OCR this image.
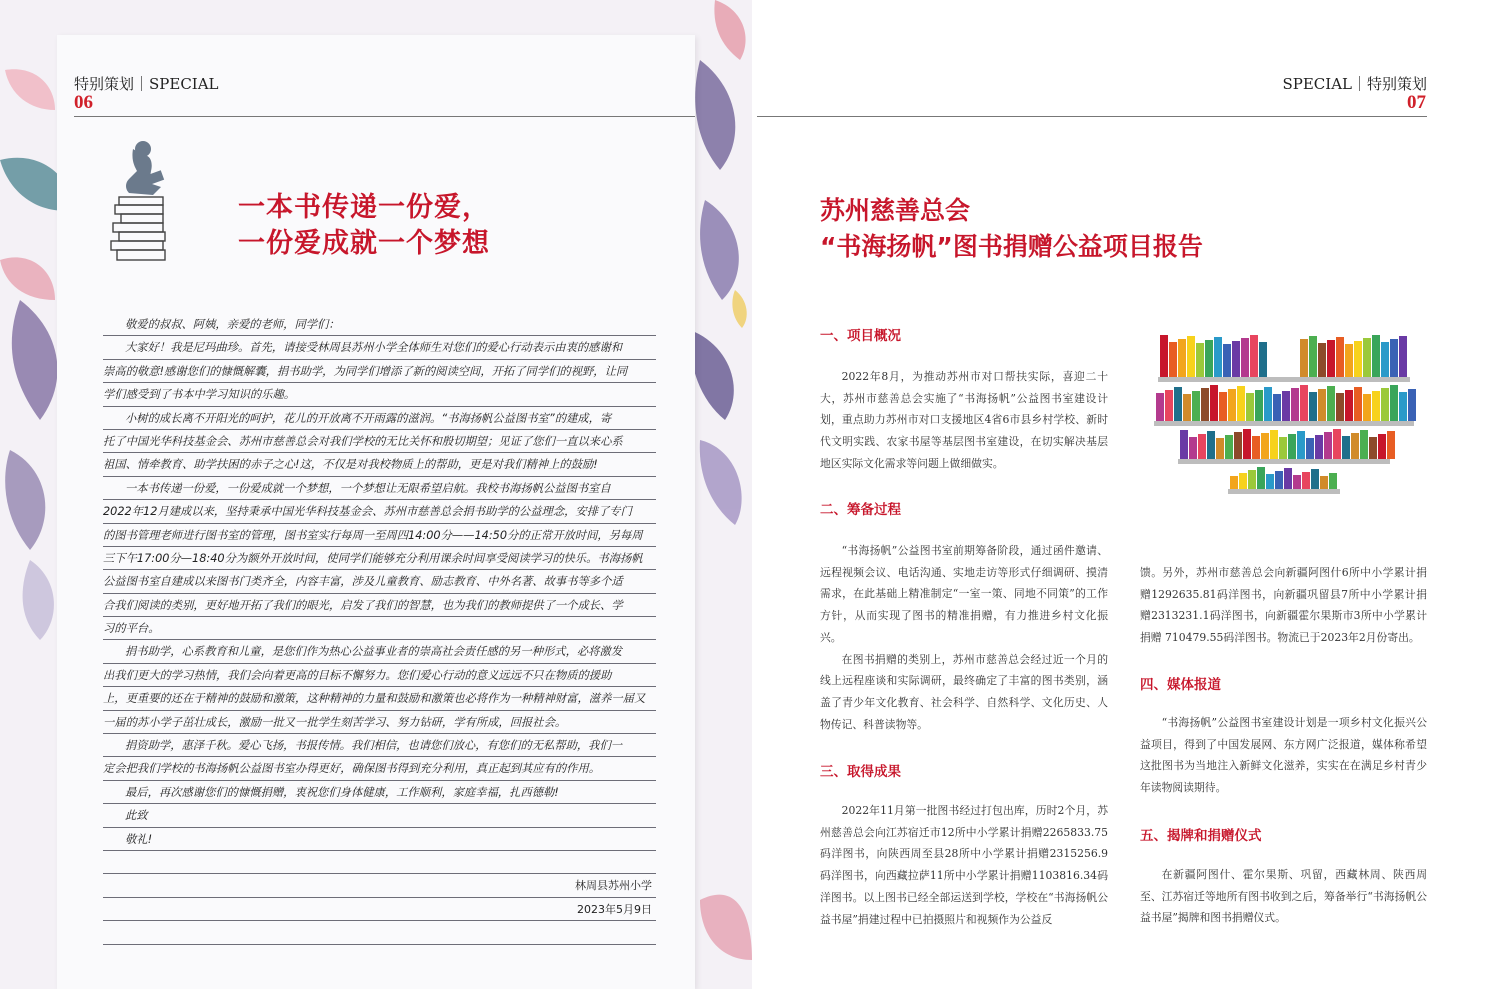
特别策划｜SPECIAL
06
SPECIAL｜特别策划
07
一本书传递一份爱，
一份爱成就一个梦想
敬爱的叔叔、阿姨，亲爱的老师，同学们：
大家好！我是尼玛曲珍。首先，请接受林周县苏州小学全体师生对您们的爱心行动表示由衷的感谢和
崇高的敬意!感谢您们的慷慨解囊，捐书助学，为同学们增添了新的阅读空间，开拓了同学们的视野，让同
学们感受到了书本中学习知识的乐趣。
小树的成长离不开阳光的呵护，花儿的开放离不开雨露的滋润。“书海扬帆公益图书室”的建成，寄
托了中国光华科技基金会、苏州市慈善总会对我们学校的无比关怀和殷切期望；见证了您们一直以来心系
祖国、情牵教育、助学扶困的赤子之心!这，不仅是对我校物质上的帮助，更是对我们精神上的鼓励!
一本书传递一份爱，一份爱成就一个梦想，一个梦想让无限希望启航。我校书海扬帆公益图书室自
2022年12月建成以来，坚持秉承中国光华科技基金会、苏州市慈善总会捐书助学的公益理念，安排了专门
的图书管理老师进行图书室的管理，图书室实行每周一至周四14:00分——14:50分的正常开放时间，另每周
三下午17:00分—18:40分为额外开放时间，使同学们能够充分利用课余时间享受阅读学习的快乐。书海扬帆
公益图书室自建成以来图书门类齐全，内容丰富，涉及儿童教育、励志教育、中外名著、故事书等多个适
合我们阅读的类别，更好地开拓了我们的眼光，启发了我们的智慧，也为我们的教师提供了一个成长、学
习的平台。
捐书助学，心系教育和儿童，是您们作为热心公益事业者的崇高社会责任感的另一种形式，必将激发
出我们更大的学习热情，我们会向着更高的目标不懈努力。您们爱心行动的意义远远不只在物质的援助
上，更重要的还在于精神的鼓励和激策，这种精神的力量和鼓励和激策也必将作为一种精神财富，滋养一届又
一届的苏小学子茁壮成长，激励一批又一批学生刻苦学习、努力钻研，学有所成，回报社会。
捐资助学，惠泽千秋。爱心飞扬，书报传情。我们相信，也请您们放心，有您们的无私帮助，我们一
定会把我们学校的书海扬帆公益图书室办得更好，确保图书得到充分利用，真正起到其应有的作用。
最后，再次感谢您们的慷慨捐赠，衷祝您们身体健康，工作顺利，家庭幸福，扎西德勒!
此致
敬礼!
林周县苏州小学
2023年5月9日
苏州慈善总会
“书海扬帆”图书捐赠公益项目报告
一、项目概况

2022年8月，为推动苏州市对口帮扶实际，喜迎二十大，苏州市慈善总会实施了“书海扬帆”公益图书室建设计划，重点助力苏州市对口支援地区4省6市县乡村学校、新时代文明实践、农家书屋等基层图书室建设，在切实解决基层地区实际文化需求等问题上做细做实。

二、筹备过程

“书海扬帆”公益图书室前期筹备阶段，通过函件邀请、远程视频会议、电话沟通、实地走访等形式仔细调研、摸清需求，在此基础上精准制定“一室一策、同地不同策”的工作方针，从而实现了图书的精准捐赠，有力推进乡村文化振兴。

在图书捐赠的类别上，苏州市慈善总会经过近一个月的线上远程座谈和实际调研，最终确定了丰富的图书类别，涵盖了青少年文化教育、社会科学、自然科学、文化历史、人物传记、科普读物等。

三、取得成果

2022年11月第一批图书经过打包出库，历时2个月，苏州慈善总会向江苏宿迁市12所中小学累计捐赠2265833.75码洋图书，向陕西周至县28所中小学累计捐赠2315256.9码洋图书，向西藏拉萨11所中小学累计捐赠1103816.34码洋图书。以上图书已经全部运送到学校，学校在“书海扬帆公益书屋”捐建过程中已拍摄照片和视频作为公益反

馈。另外，苏州市慈善总会向新疆阿图什6所中小学累计捐赠1292635.81码洋图书，向新疆巩留县7所中小学累计捐赠2313231.1码洋图书，向新疆霍尔果斯市3所中小学累计捐赠 710479.55码洋图书。物流已于2023年2月份寄出。

四、媒体报道

“书海扬帆”公益图书室建设计划是一项乡村文化振兴公益项目，得到了中国发展网、东方网广泛报道，媒体称希望这批图书为当地注入新鲜文化滋养，实实在在满足乡村青少年读物阅读期待。

五、揭牌和捐赠仪式

在新疆阿图什、霍尔果斯、巩留，西藏林周、陕西周至、江苏宿迁等地所有图书收到之后，筹备举行“书海扬帆公益书屋”揭牌和图书捐赠仪式。
